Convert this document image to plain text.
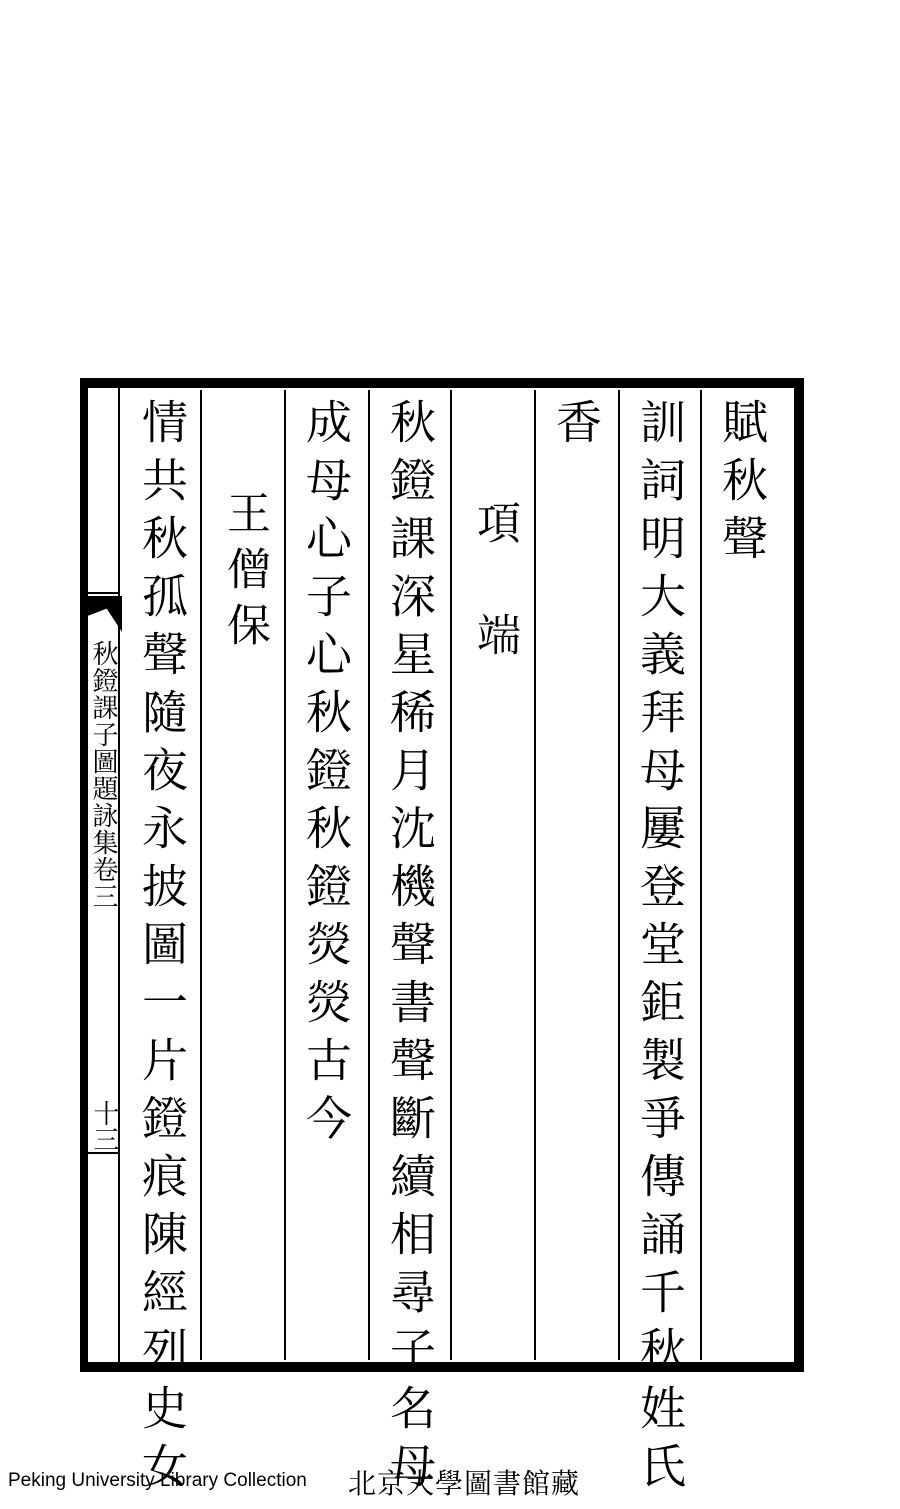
秋鐙課子圖題詠集卷三
十三
賦秋聲
訓詞明大義拜母屢登堂鉅製爭傳誦千秋姓氏
香
項　端
秋鐙課深星稀月沈機聲書聲斷續相尋子名母
成母心子心秋鐙秋鐙熒熒古今
王僧保
情共秋孤聲隨夜永披圖一片鐙痕陳經列史女
Peking University Library Collection 北京大學圖書館藏
